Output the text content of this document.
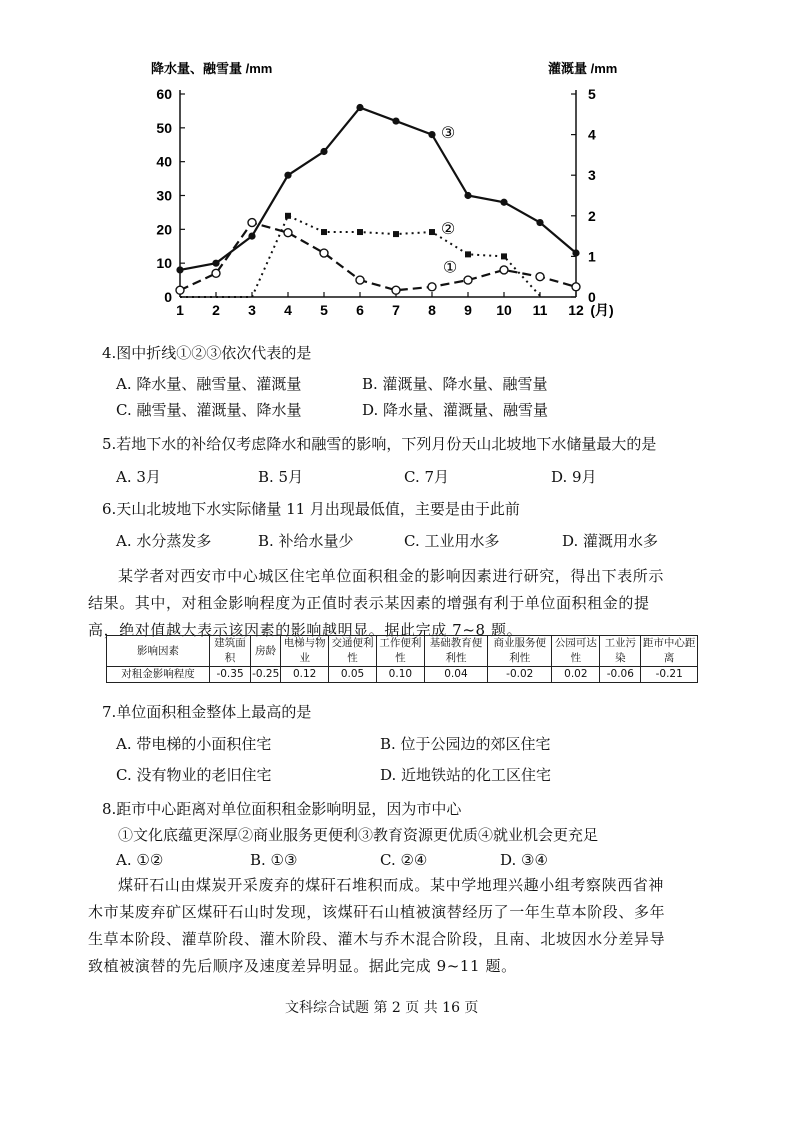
降水量、融雪量 /mm	灌溉量 /mm
0
10
20
30
40
50
60
0
1
2
3
4
5
1 2 3 4 5 6 7 8 9 10 11 12 (月)
①
②
③
4.图中折线①②③依次代表的是
A. 降水量、融雪量、灌溉量	B. 灌溉量、降水量、融雪量
C. 融雪量、灌溉量、降水量	D. 降水量、灌溉量、融雪量
5.若地下水的补给仅考虑降水和融雪的影响，下列月份天山北坡地下水储量最大的是
A. 3月	B. 5月	C. 7月	D. 9月
6.天山北坡地下水实际储量 11 月出现最低值，主要是由于此前
A. 水分蒸发多	B. 补给水量少	C. 工业用水多	D. 灌溉用水多
某学者对西安市中心城区住宅单位面积租金的影响因素进行研究，得出下表所示结果。其中，对租金影响程度为正值时表示某因素的增强有利于单位面积租金的提高，绝对值越大表示该因素的影响越明显。据此完成 7~8 题。
影响因素	建筑面积	房龄	电梯与物业	交通便利性	工作便利性	基础教育便利性	商业服务便利性	公园可达性	工业污染	距市中心距离
对租金影响程度	-0.35	-0.25	0.12	0.05	0.10	0.04	-0.02	0.02	-0.06	-0.21
7.单位面积租金整体上最高的是
A. 带电梯的小面积住宅	B. 位于公园边的郊区住宅
C. 没有物业的老旧住宅	D. 近地铁站的化工区住宅
8.距市中心距离对单位面积租金影响明显，因为市中心
①文化底蕴更深厚②商业服务更便利③教育资源更优质④就业机会更充足
A. ①②	B. ①③	C. ②④	D. ③④
煤矸石山由煤炭开采废弃的煤矸石堆积而成。某中学地理兴趣小组考察陕西省神木市某废弃矿区煤矸石山时发现，该煤矸石山植被演替经历了一年生草本阶段、多年生草本阶段、灌草阶段、灌木阶段、灌木与乔木混合阶段，且南、北坡因水分差异导致植被演替的先后顺序及速度差异明显。据此完成 9~11 题。
文科综合试题 第 2 页 共 16 页
